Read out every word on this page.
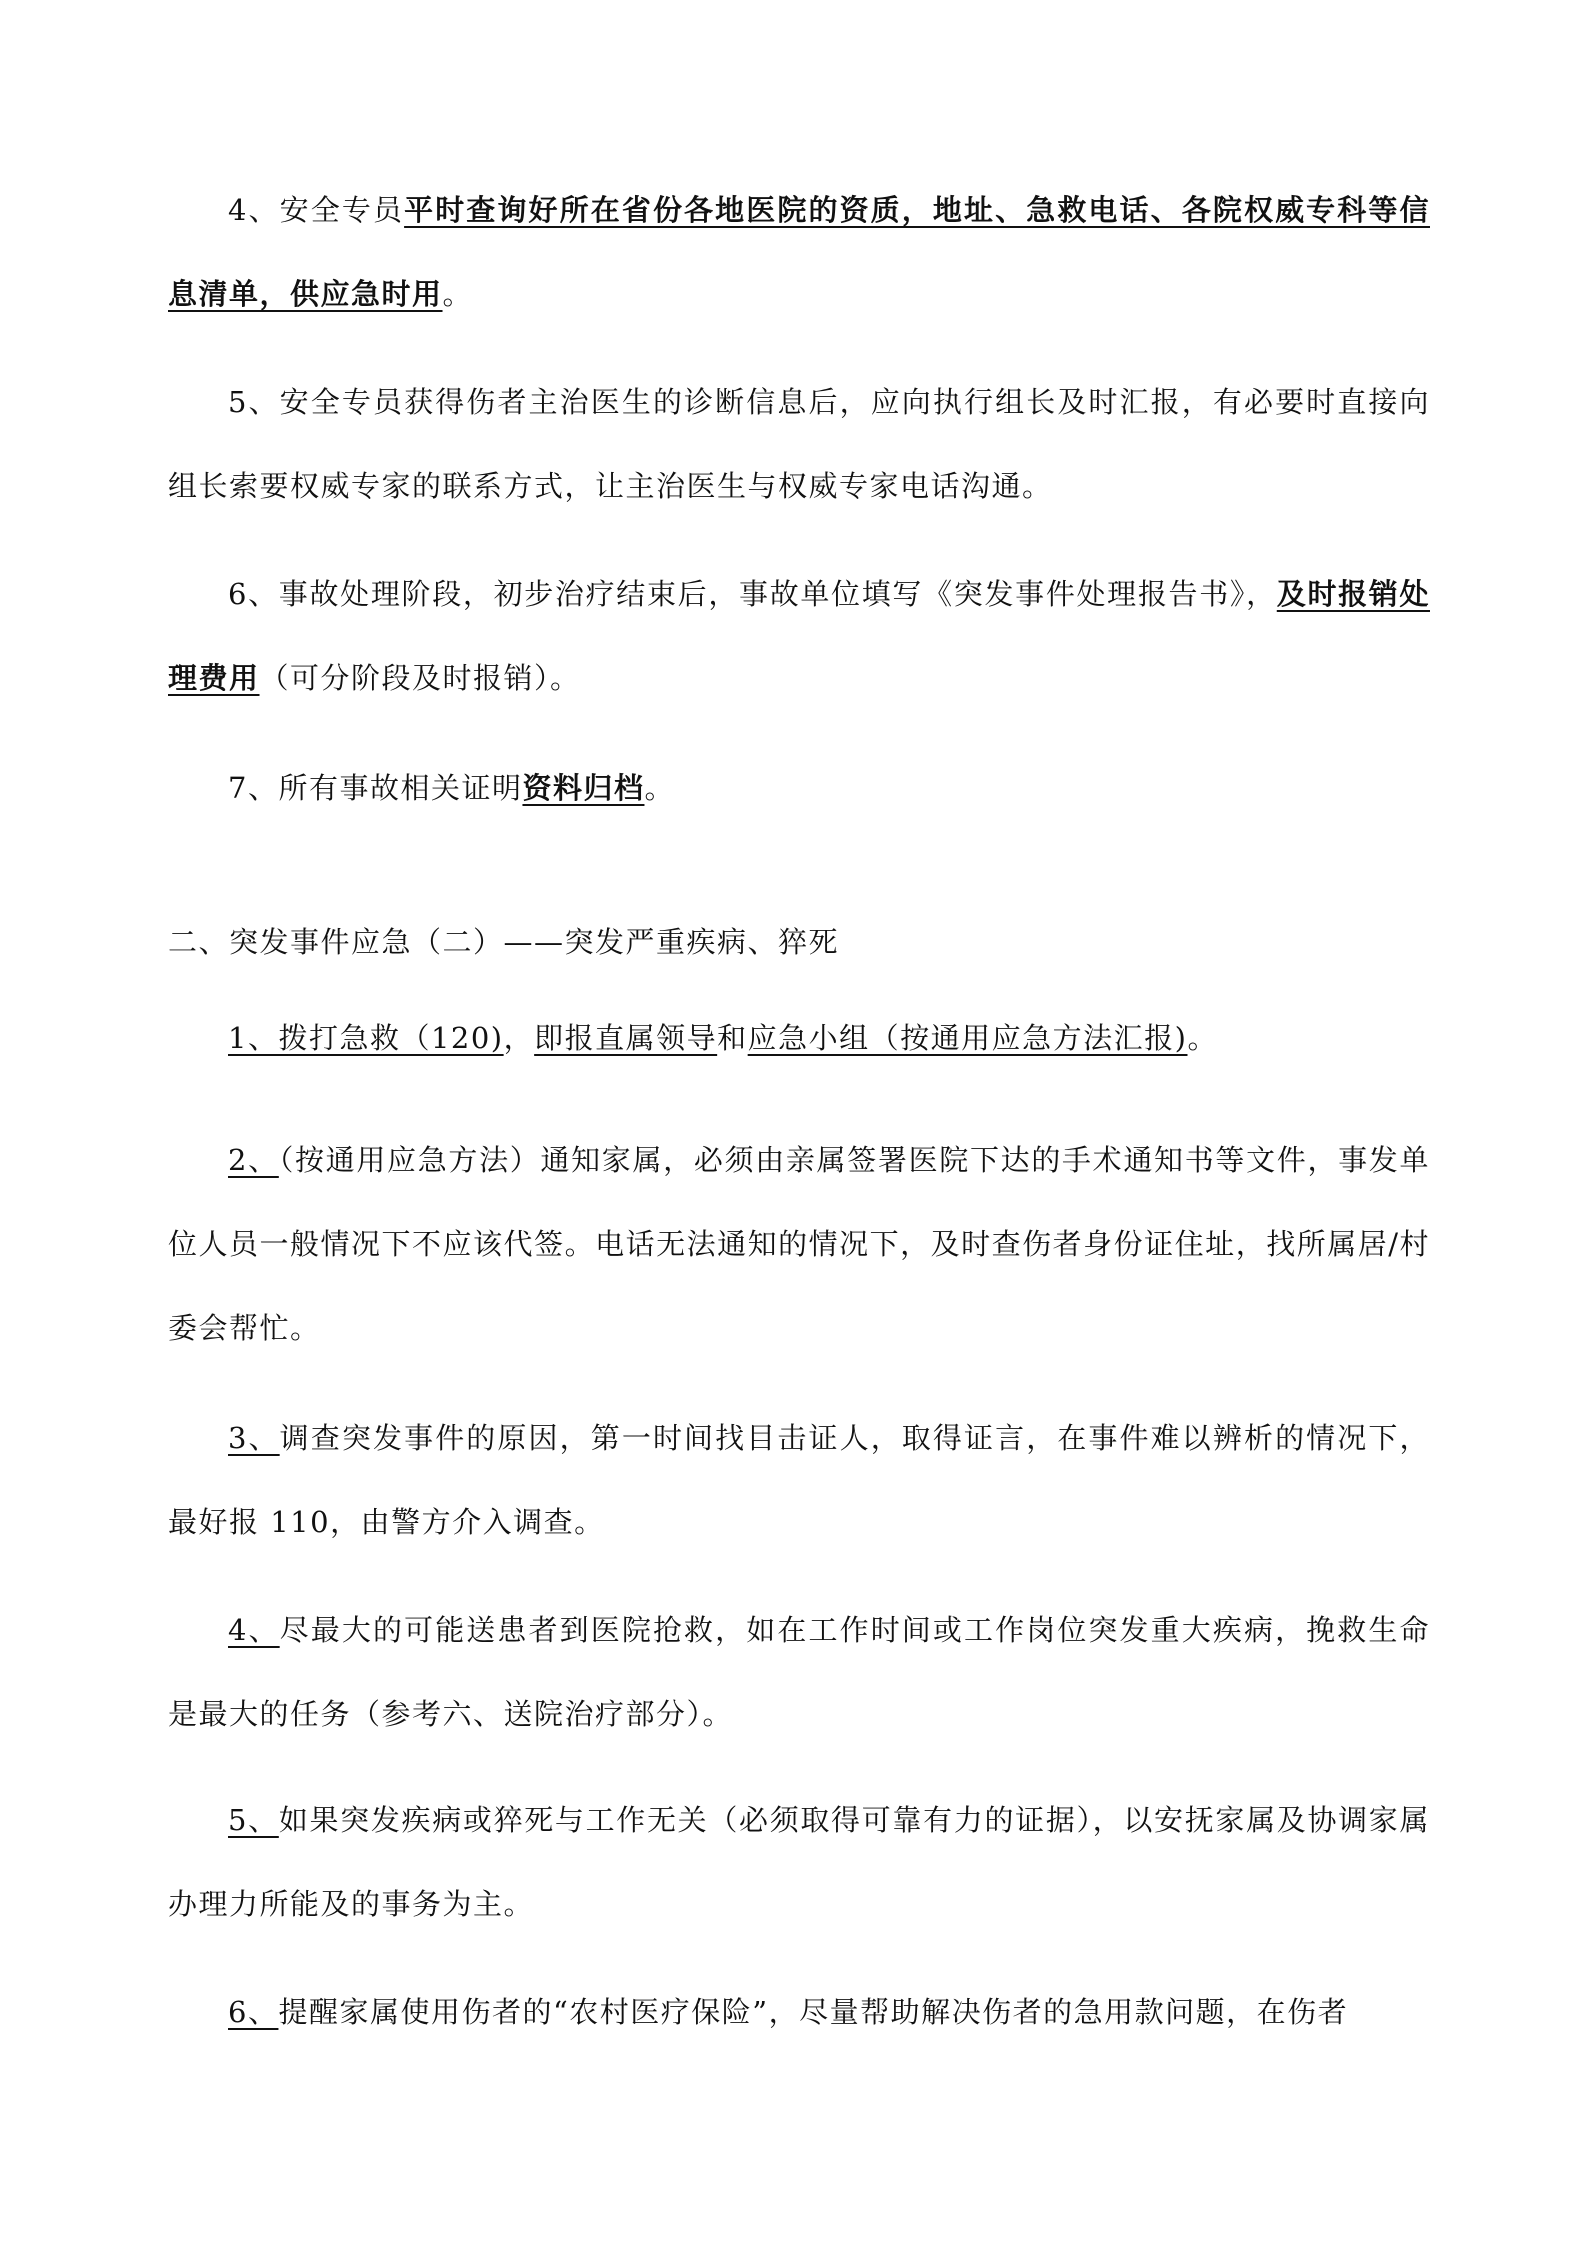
4、安全专员平时查询好所在省份各地医院的资质，地址、急救电话、各院权威专科等信息清单，供应急时用。

5、安全专员获得伤者主治医生的诊断信息后，应向执行组长及时汇报，有必要时直接向组长索要权威专家的联系方式，让主治医生与权威专家电话沟通。

6、事故处理阶段，初步治疗结束后，事故单位填写《突发事件处理报告书》，及时报销处理费用（可分阶段及时报销）。

7、所有事故相关证明资料归档。

二、突发事件应急（二）——突发严重疾病、猝死

1、拨打急救（120)，即报直属领导和应急小组（按通用应急方法汇报)。

2、（按通用应急方法）通知家属，必须由亲属签署医院下达的手术通知书等文件，事发单位人员一般情况下不应该代签。电话无法通知的情况下，及时查伤者身份证住址，找所属居/村委会帮忙。

3、调查突发事件的原因，第一时间找目击证人，取得证言，在事件难以辨析的情况下，最好报 110，由警方介入调查。

4、尽最大的可能送患者到医院抢救，如在工作时间或工作岗位突发重大疾病，挽救生命是最大的任务（参考六、送院治疗部分）。

5、如果突发疾病或猝死与工作无关（必须取得可靠有力的证据），以安抚家属及协调家属办理力所能及的事务为主。

6、提醒家属使用伤者的“农村医疗保险”，尽量帮助解决伤者的急用款问题，在伤者
